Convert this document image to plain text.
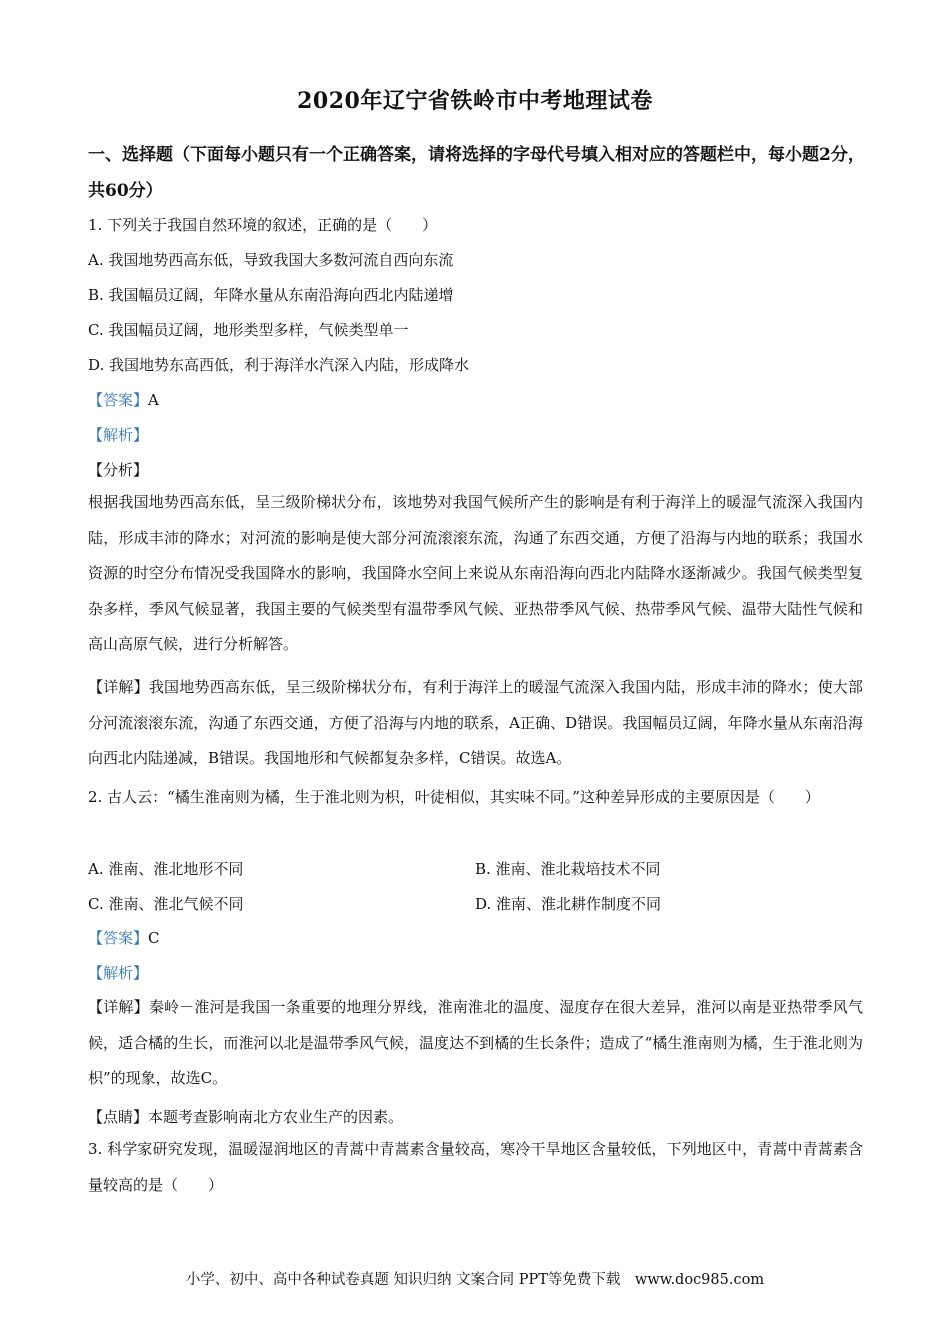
2020年辽宁省铁岭市中考地理试卷
一、选择题（下面每小题只有一个正确答案，请将选择的字母代号填入相对应的答题栏中，每小题2分，共60分）
1. 下列关于我国自然环境的叙述，正确的是（　　）
A. 我国地势西高东低，导致我国大多数河流自西向东流
B. 我国幅员辽阔，年降水量从东南沿海向西北内陆递增
C. 我国幅员辽阔，地形类型多样，气候类型单一
D. 我国地势东高西低，利于海洋水汽深入内陆，形成降水
【答案】A
【解析】
【分析】
根据我国地势西高东低，呈三级阶梯状分布，该地势对我国气候所产生的影响是有利于海洋上的暖湿气流深入我国内陆，形成丰沛的降水；对河流的影响是使大部分河流滚滚东流，沟通了东西交通，方便了沿海与内地的联系；我国水资源的时空分布情况受我国降水的影响，我国降水空间上来说从东南沿海向西北内陆降水逐渐减少。我国气候类型复杂多样，季风气候显著，我国主要的气候类型有温带季风气候、亚热带季风气候、热带季风气候、温带大陆性气候和高山高原气候，进行分析解答。
【详解】我国地势西高东低，呈三级阶梯状分布，有利于海洋上的暖湿气流深入我国内陆，形成丰沛的降水；使大部分河流滚滚东流，沟通了东西交通，方便了沿海与内地的联系，A正确、D错误。我国幅员辽阔，年降水量从东南沿海向西北内陆递减，B错误。我国地形和气候都复杂多样，C错误。故选A。
2. 古人云：“橘生淮南则为橘，生于淮北则为枳，叶徒相似，其实味不同。”这种差异形成的主要原因是（　　）
A. 淮南、淮北地形不同	B. 淮南、淮北栽培技术不同
C. 淮南、淮北气候不同	D. 淮南、淮北耕作制度不同
【答案】C
【解析】
【详解】秦岭－淮河是我国一条重要的地理分界线，淮南淮北的温度、湿度存在很大差异，淮河以南是亚热带季风气候，适合橘的生长，而淮河以北是温带季风气候，温度达不到橘的生长条件；造成了“橘生淮南则为橘，生于淮北则为枳”的现象，故选C。
【点睛】本题考查影响南北方农业生产的因素。
3. 科学家研究发现，温暖湿润地区的青蒿中青蒿素含量较高，寒冷干旱地区含量较低，下列地区中，青蒿中青蒿素含量较高的是（　　）
小学、初中、高中各种试卷真题 知识归纳 文案合同 PPT等免费下载　www.doc985.com
